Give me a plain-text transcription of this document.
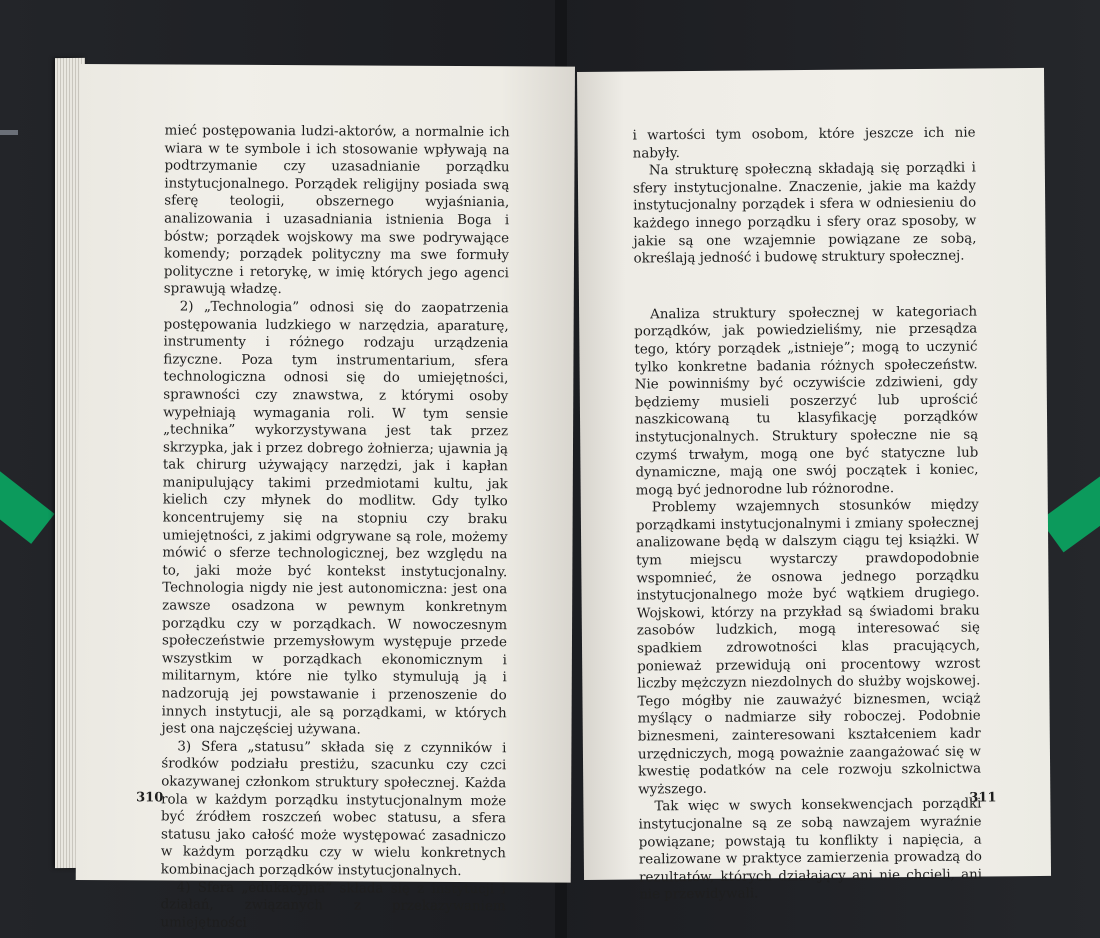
mieć postępowania ludzi-aktorów, a normalnie ich wiara w te symbole i ich stosowanie wpływają na podtrzymanie czy uzasadnianie porządku instytucjonalnego. Porządek religijny posiada swą sferę teologii, obszernego wyjaśniania, analizowania i uzasadniania istnienia Boga i bóstw; porządek wojskowy ma swe podrywające komendy; porządek polityczny ma swe formuły polityczne i retorykę, w imię których jego agenci sprawują władzę.

2) „Technologia” odnosi się do zaopatrzenia postępowania ludzkiego w narzędzia, aparaturę, instrumenty i różnego rodzaju urządzenia fizyczne. Poza tym instrumentarium, sfera technologiczna odnosi się do umiejętności, sprawności czy znawstwa, z którymi osoby wypełniają wymagania roli. W tym sensie „technika” wykorzystywana jest tak przez skrzypka, jak i przez dobrego żołnierza; ujawnia ją tak chirurg używający narzędzi, jak i kapłan manipulujący takimi przedmiotami kultu, jak kielich czy młynek do modlitw. Gdy tylko koncentrujemy się na stopniu czy braku umiejętności, z jakimi odgrywane są role, możemy mówić o sferze technologicznej, bez względu na to, jaki może być kontekst instytucjonalny. Technologia nigdy nie jest autonomiczna: jest ona zawsze osadzona w pewnym konkretnym porządku czy w porządkach. W nowoczesnym społeczeństwie przemysłowym występuje przede wszystkim w porządkach ekonomicznym i militarnym, które nie tylko stymulują ją i nadzorują jej powstawanie i przenoszenie do innych instytucji, ale są porządkami, w których jest ona najczęściej używana.

3) Sfera „statusu” składa się z czynników i środków podziału prestiżu, szacunku czy czci okazywanej członkom struktury społecznej. Każda rola w każdym porządku instytucjonalnym może być źródłem roszczeń wobec statusu, a sfera statusu jako całość może występować zasadniczo w każdym porządku czy w wielu konkretnych kombinacjach porządków instytucjonalnych.

4) Sfera „edukacyjna” składa się z instytucji i działań, związanych z przekazywaniem umiejętności

310

i wartości tym osobom, które jeszcze ich nie nabyły.

Na strukturę społeczną składają się porządki i sfery instytucjonalne. Znaczenie, jakie ma każdy instytucjonalny porządek i sfera w odniesieniu do każdego innego porządku i sfery oraz sposoby, w jakie są one wzajemnie powiązane ze sobą, określają jedność i budowę struktury społecznej.

Analiza struktury społecznej w kategoriach porządków, jak powiedzieliśmy, nie przesądza tego, który porządek „istnieje”; mogą to uczynić tylko konkretne badania różnych społeczeństw. Nie powinniśmy być oczywiście zdziwieni, gdy będziemy musieli poszerzyć lub uprościć naszkicowaną tu klasyfikację porządków instytucjonalnych. Struktury społeczne nie są czymś trwałym, mogą one być statyczne lub dynamiczne, mają one swój początek i koniec, mogą być jednorodne lub różnorodne.

Problemy wzajemnych stosunków między porządkami instytucjonalnymi i zmiany społecznej analizowane będą w dalszym ciągu tej książki. W tym miejscu wystarczy prawdopodobnie wspomnieć, że osnowa jednego porządku instytucjonalnego może być wątkiem drugiego. Wojskowi, którzy na przykład są świadomi braku zasobów ludzkich, mogą interesować się spadkiem zdrowotności klas pracujących, ponieważ przewidują oni procentowy wzrost liczby mężczyzn niezdolnych do służby wojskowej. Tego mógłby nie zauważyć biznesmen, wciąż myślący o nadmiarze siły roboczej. Podobnie biznesmeni, zainteresowani kształceniem kadr urzędniczych, mogą poważnie zaangażować się w kwestię podatków na cele rozwoju szkolnictwa wyższego.

Tak więc w swych konsekwencjach porządki instytucjonalne są ze sobą nawzajem wyraźnie powiązane; powstają tu konflikty i napięcia, a realizowane w praktyce zamierzenia prowadzą do rezultatów, których działający ani nie chcieli, ani nie przewidywali.

311
